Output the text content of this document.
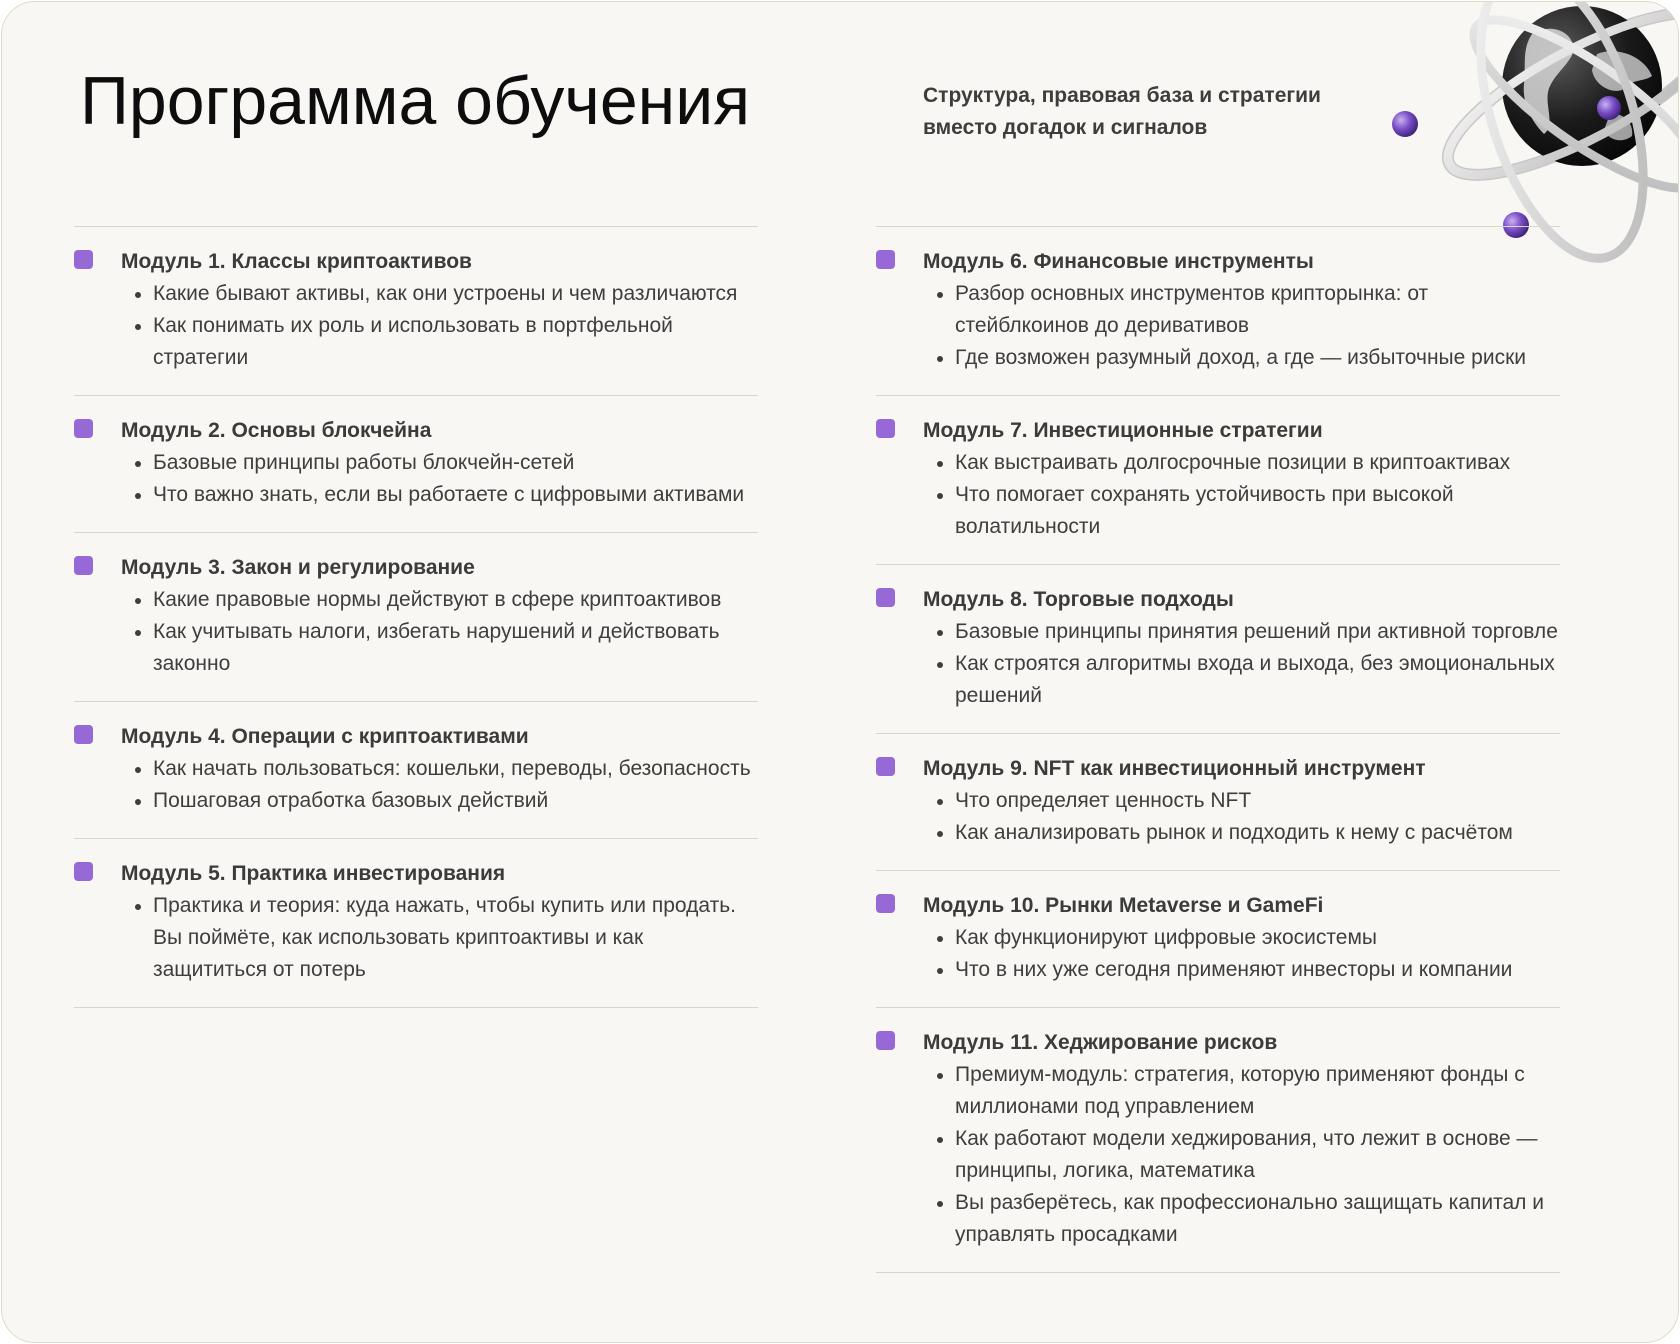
Программа обучения	Структура, правовая база и стратегии вместо догадок и сигналов

Модуль 1. Классы криптоактивов

Какие бывают активы, как они устроены и чем различаются
Как понимать их роль и использовать в портфельной стратегии

Модуль 2. Основы блокчейна

Базовые принципы работы блокчейн-сетей
Что важно знать, если вы работаете с цифровыми активами

Модуль 3. Закон и регулирование

Какие правовые нормы действуют в сфере криптоактивов
Как учитывать налоги, избегать нарушений и действовать законно

Модуль 4. Операции с криптоактивами

Как начать пользоваться: кошельки, переводы, безопасность
Пошаговая отработка базовых действий

Модуль 5. Практика инвестирования

Практика и теория: куда нажать, чтобы купить или продать. Вы поймёте, как использовать криптоактивы и как защититься от потерь

Модуль 6. Финансовые инструменты

Разбор основных инструментов крипторынка: от стейблкоинов до деривативов
Где возможен разумный доход, а где — избыточные риски

Модуль 7. Инвестиционные стратегии

Как выстраивать долгосрочные позиции в криптоактивах
Что помогает сохранять устойчивость при высокой волатильности

Модуль 8. Торговые подходы

Базовые принципы принятия решений при активной торговле
Как строятся алгоритмы входа и выхода, без эмоциональных решений

Модуль 9. NFT как инвестиционный инструмент

Что определяет ценность NFT
Как анализировать рынок и подходить к нему с расчётом

Модуль 10. Рынки Metaverse и GameFi

Как функционируют цифровые экосистемы
Что в них уже сегодня применяют инвесторы и компании

Модуль 11. Хеджирование рисков

Премиум-модуль: стратегия, которую применяют фонды с миллионами под управлением
Как работают модели хеджирования, что лежит в основе — принципы, логика, математика
Вы разберётесь, как профессионально защищать капитал и управлять просадками
